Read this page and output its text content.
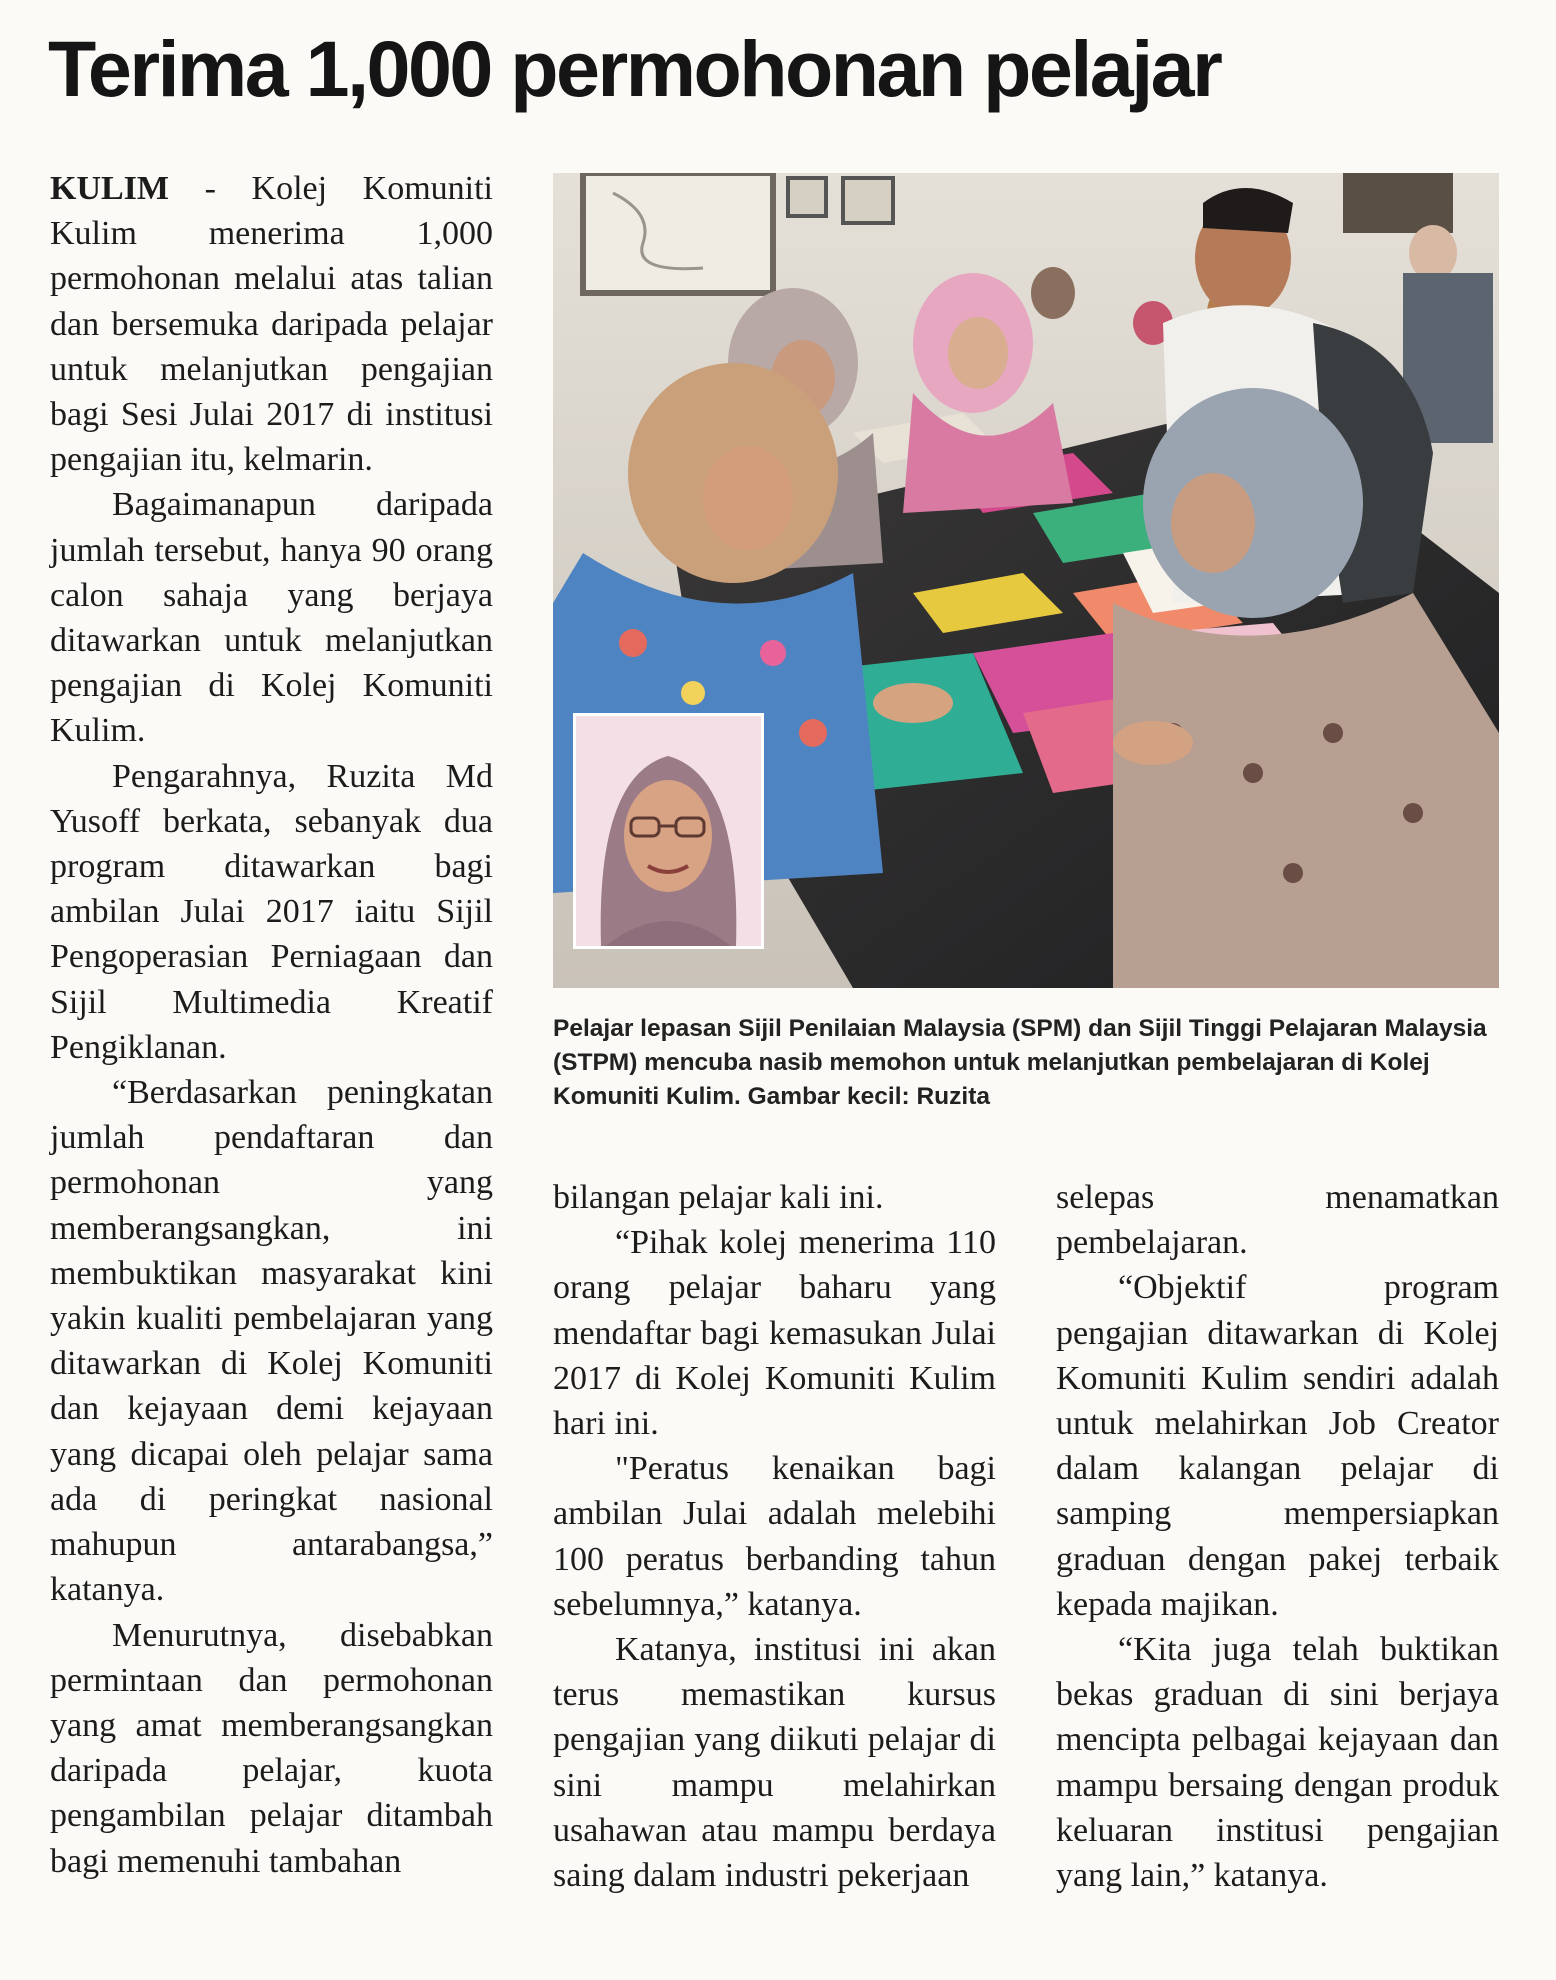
Terima 1,000 permohonan pelajar

KULIM - Kolej Komuniti Kulim menerima 1,000 permohonan melalui atas talian dan bersemuka daripada pelajar untuk melanjutkan pengajian bagi Sesi Julai 2017 di institusi pengajian itu, kelmarin.

Bagaimanapun daripada jumlah tersebut, hanya 90 orang calon sahaja yang berjaya ditawarkan untuk melanjutkan pengajian di Kolej Komuniti Kulim.

Pengarahnya, Ruzita Md Yusoff berkata, sebanyak dua program ditawarkan bagi ambilan Julai 2017 iaitu Sijil Pengoperasian Perniagaan dan Sijil Multimedia Kreatif Pengiklanan.

“Berdasarkan peningkatan jumlah pendaftaran dan permohonan yang memberangsangkan, ini membuktikan masyarakat kini yakin kualiti pembelajaran yang ditawarkan di Kolej Komuniti dan kejayaan demi kejayaan yang dicapai oleh pelajar sama ada di peringkat nasional mahupun antarabangsa,” katanya.

Menurutnya, disebabkan permintaan dan permohonan yang amat memberangsangkan daripada pelajar, kuota pengambilan pelajar ditambah bagi memenuhi tambahan

Pelajar lepasan Sijil Penilaian Malaysia (SPM) dan Sijil Tinggi Pelajaran Malaysia (STPM) mencuba nasib memohon untuk melanjutkan pembelajaran di Kolej Komuniti Kulim. Gambar kecil: Ruzita

bilangan pelajar kali ini.

“Pihak kolej menerima 110 orang pelajar baharu yang mendaftar bagi kemasukan Julai 2017 di Kolej Komuniti Kulim hari ini.

"Peratus kenaikan bagi ambilan Julai adalah melebihi 100 peratus berbanding tahun sebelumnya,” katanya.

Katanya, institusi ini akan terus memastikan kursus pengajian yang diikuti pelajar di sini mampu melahirkan usahawan atau mampu berdaya saing dalam industri pekerjaan

selepas menamatkan pembelajaran.

“Objektif program pengajian ditawarkan di Kolej Komuniti Kulim sendiri adalah untuk melahirkan Job Creator dalam kalangan pelajar di samping mempersiapkan graduan dengan pakej terbaik kepada majikan.

“Kita juga telah buktikan bekas graduan di sini berjaya mencipta pelbagai kejayaan dan mampu bersaing dengan produk keluaran institusi pengajian yang lain,” katanya.
